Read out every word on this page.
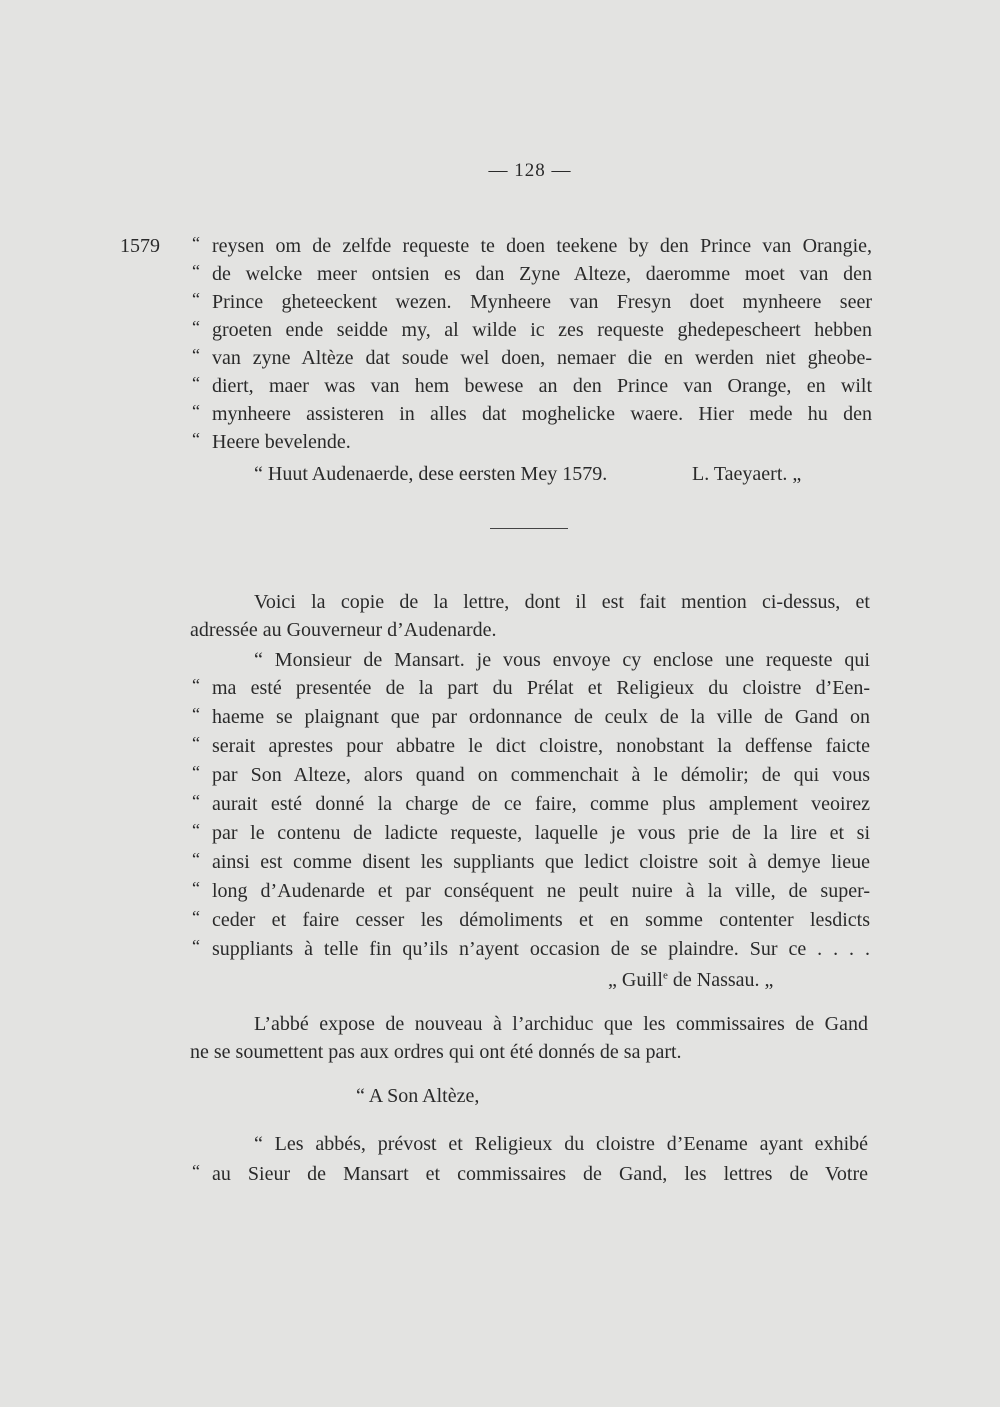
— 128 —
1579 “ reysen om de zelfde requeste te doen teekene by den Prince van Orangie,
“ de welcke meer ontsien es dan Zyne Alteze, daeromme moet van den
“ Prince gheteeckent wezen. Mynheere van Fresyn doet mynheere seer
“ groeten ende seidde my, al wilde ic zes requeste ghedepescheert hebben
“ van zyne Altèze dat soude wel doen, nemaer die en werden niet gheobe-
“ diert, maer was van hem bewese an den Prince van Orange, en wilt
“ mynheere assisteren in alles dat moghelicke waere. Hier mede hu den
“ Heere bevelende.
“ Huut Audenaerde, dese eersten Mey 1579.	L. Taeyaert. „
Voici la copie de la lettre, dont il est fait mention ci-dessus, et
adressée au Gouverneur d’Audenarde.
“ Monsieur de Mansart. je vous envoye cy enclose une requeste qui
“ ma esté presentée de la part du Prélat et Religieux du cloistre d’Een-
“ haeme se plaignant que par ordonnance de ceulx de la ville de Gand on
“ serait aprestes pour abbatre le dict cloistre, nonobstant la deffense faicte
“ par Son Alteze, alors quand on commenchait à le démolir; de qui vous
“ aurait esté donné la charge de ce faire, comme plus amplement veoirez
“ par le contenu de ladicte requeste, laquelle je vous prie de la lire et si
“ ainsi est comme disent les suppliants que ledict cloistre soit à demye lieue
“ long d’Audenarde et par conséquent ne peult nuire à la ville, de super-
“ ceder et faire cesser les démoliments et en somme contenter lesdicts
“ suppliants à telle fin qu’ils n’ayent occasion de se plaindre. Sur ce . . . .
„ Guill$^e$ de Nassau. „
L’abbé expose de nouveau à l’archiduc que les commissaires de Gand
ne se soumettent pas aux ordres qui ont été donnés de sa part.
“ A Son Altèze,
“ Les abbés, prévost et Religieux du cloistre d’Eename ayant exhibé
“ au Sieur de Mansart et commissaires de Gand, les lettres de Votre
